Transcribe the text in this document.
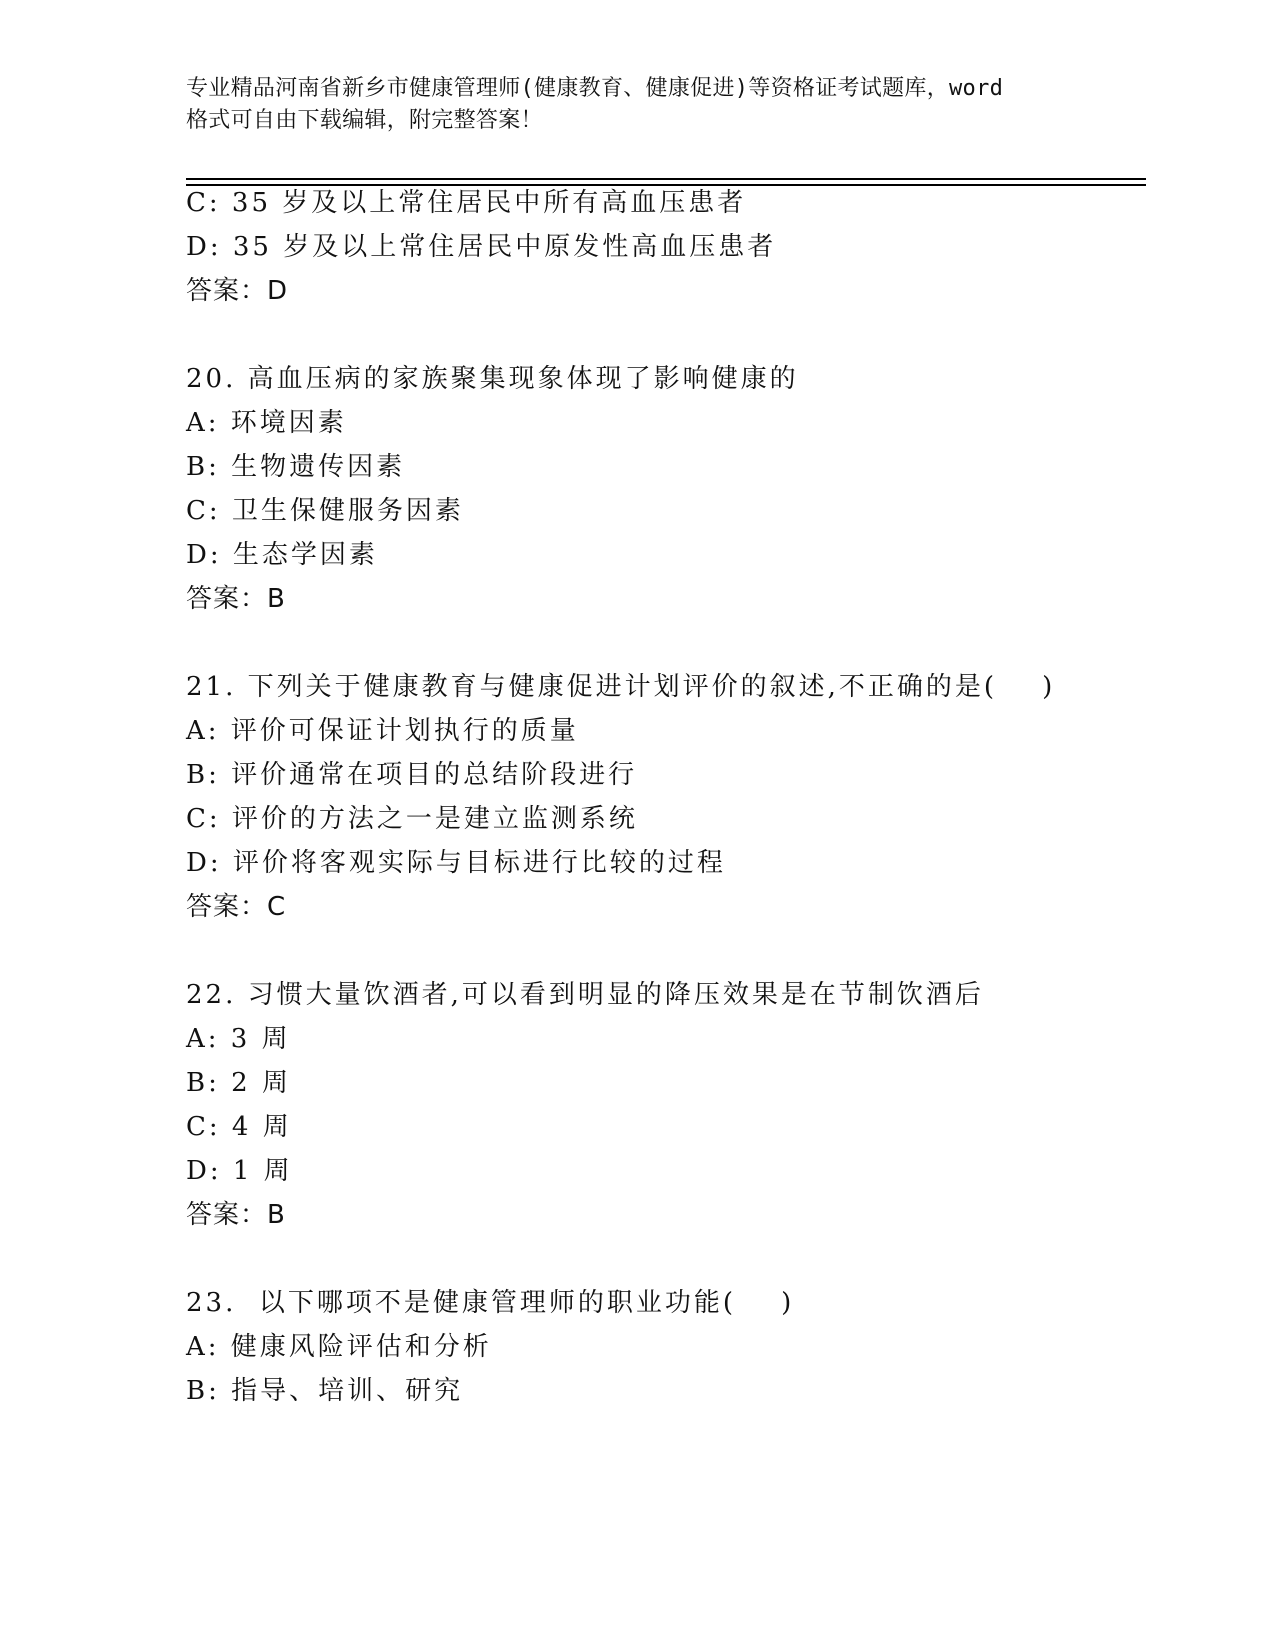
专业精品河南省新乡市健康管理师(健康教育、健康促进)等资格证考试题库，word
格式可自由下载编辑，附完整答案！
C: 35 岁及以上常住居民中所有高血压患者
D: 35 岁及以上常住居民中原发性高血压患者
答案：D
20. 高血压病的家族聚集现象体现了影响健康的
A: 环境因素
B: 生物遗传因素
C: 卫生保健服务因素
D: 生态学因素
答案：B
21. 下列关于健康教育与健康促进计划评价的叙述,不正确的是(    )
A: 评价可保证计划执行的质量
B: 评价通常在项目的总结阶段进行
C: 评价的方法之一是建立监测系统
D: 评价将客观实际与目标进行比较的过程
答案：C
22. 习惯大量饮酒者,可以看到明显的降压效果是在节制饮酒后
A: 3 周
B: 2 周
C: 4 周
D: 1 周
答案：B
23.  以下哪项不是健康管理师的职业功能(    )
A: 健康风险评估和分析
B: 指导、培训、研究
